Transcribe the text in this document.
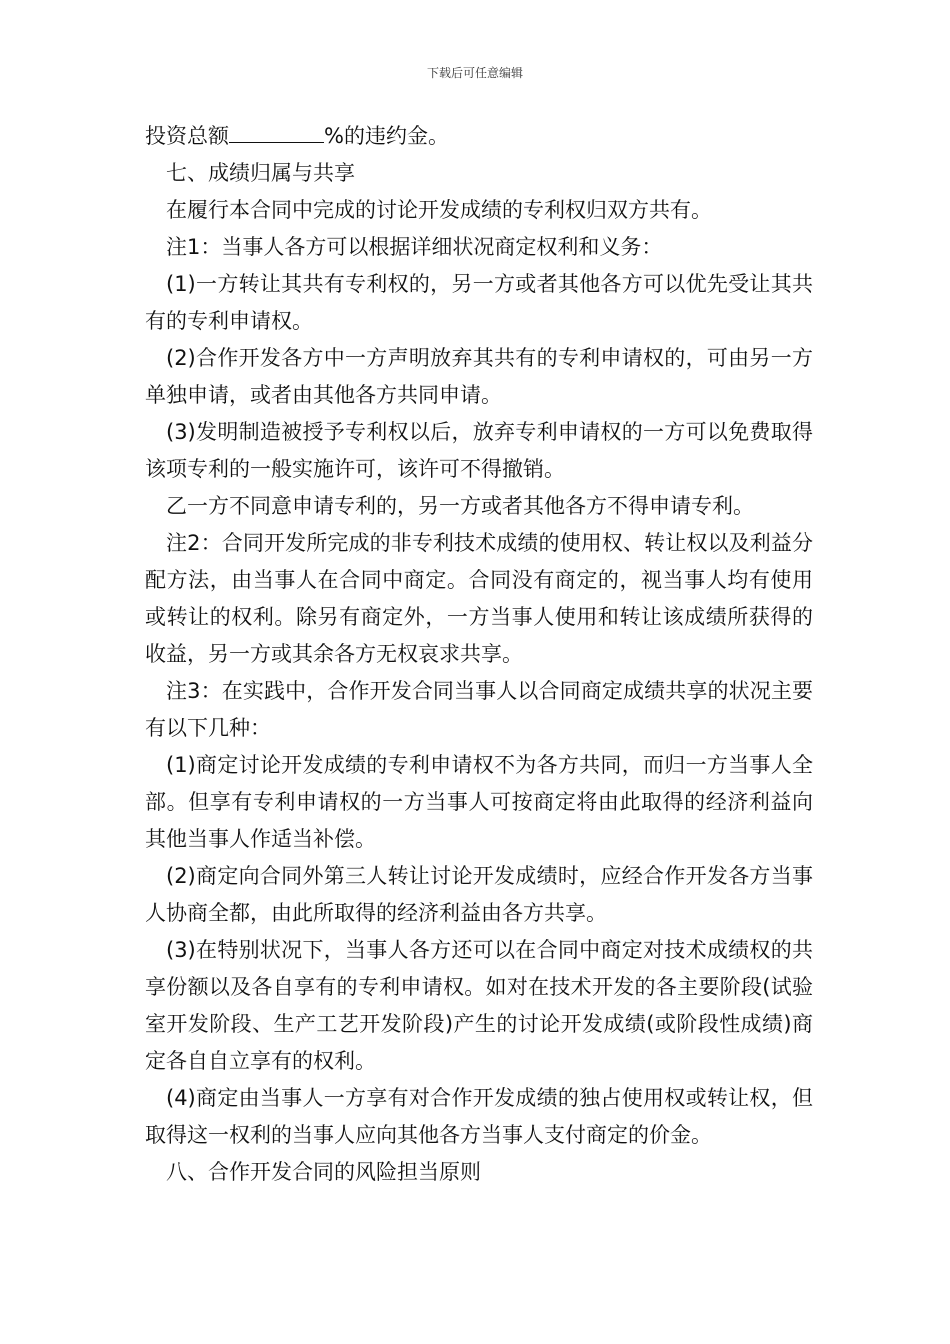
下载后可任意编辑

投资总额	%的违约金。

七、成绩归属与共享

在履行本合同中完成的讨论开发成绩的专利权归双方共有。

注1：当事人各方可以根据详细状况商定权利和义务：

(1)一方转让其共有专利权的，另一方或者其他各方可以优先受让其共有的专利申请权。

(2)合作开发各方中一方声明放弃其共有的专利申请权的，可由另一方单独申请，或者由其他各方共同申请。

(3)发明制造被授予专利权以后，放弃专利申请权的一方可以免费取得该项专利的一般实施许可，该许可不得撤销。

乙一方不同意申请专利的，另一方或者其他各方不得申请专利。

注2：合同开发所完成的非专利技术成绩的使用权、转让权以及利益分配方法，由当事人在合同中商定。合同没有商定的，视当事人均有使用或转让的权利。除另有商定外，一方当事人使用和转让该成绩所获得的收益，另一方或其余各方无权哀求共享。

注3：在实践中，合作开发合同当事人以合同商定成绩共享的状况主要有以下几种：

(1)商定讨论开发成绩的专利申请权不为各方共同，而归一方当事人全部。但享有专利申请权的一方当事人可按商定将由此取得的经济利益向其他当事人作适当补偿。

(2)商定向合同外第三人转让讨论开发成绩时，应经合作开发各方当事人协商全都，由此所取得的经济利益由各方共享。

(3)在特别状况下，当事人各方还可以在合同中商定对技术成绩权的共享份额以及各自享有的专利申请权。如对在技术开发的各主要阶段(试验室开发阶段、生产工艺开发阶段)产生的讨论开发成绩(或阶段性成绩)商定各自自立享有的权利。

(4)商定由当事人一方享有对合作开发成绩的独占使用权或转让权，但取得这一权利的当事人应向其他各方当事人支付商定的价金。

八、合作开发合同的风险担当原则
